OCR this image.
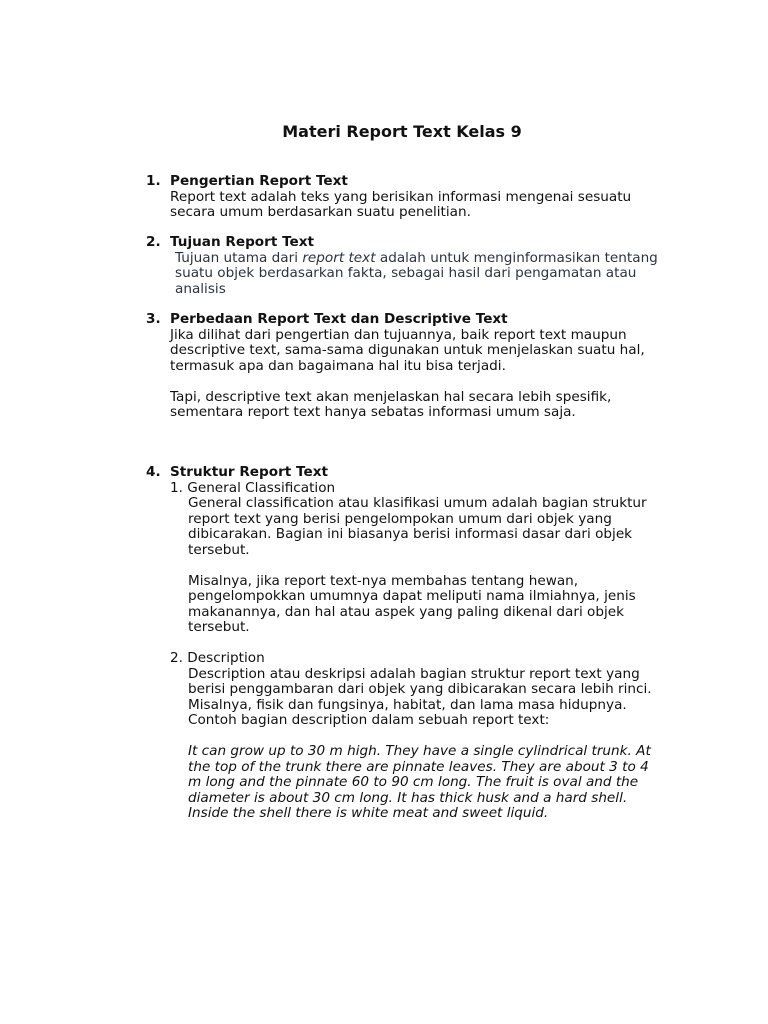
Materi Report Text Kelas 9
1. Pengertian Report Text
Report text adalah teks yang berisikan informasi mengenai sesuatu secara umum berdasarkan suatu penelitian.
2. Tujuan Report Text
Tujuan utama dari report text adalah untuk menginformasikan tentang suatu objek berdasarkan fakta, sebagai hasil dari pengamatan atau analisis
3. Perbedaan Report Text dan Descriptive Text
Jika dilihat dari pengertian dan tujuannya, baik report text maupun descriptive text, sama-sama digunakan untuk menjelaskan suatu hal, termasuk apa dan bagaimana hal itu bisa terjadi.
Tapi, descriptive text akan menjelaskan hal secara lebih spesifik, sementara report text hanya sebatas informasi umum saja.
4. Struktur Report Text
1. General Classification
General classification atau klasifikasi umum adalah bagian struktur report text yang berisi pengelompokan umum dari objek yang dibicarakan. Bagian ini biasanya berisi informasi dasar dari objek tersebut.
Misalnya, jika report text-nya membahas tentang hewan, pengelompokkan umumnya dapat meliputi nama ilmiahnya, jenis makanannya, dan hal atau aspek yang paling dikenal dari objek tersebut.
2. Description
Description atau deskripsi adalah bagian struktur report text yang berisi penggambaran dari objek yang dibicarakan secara lebih rinci. Misalnya, fisik dan fungsinya, habitat, dan lama masa hidupnya. Contoh bagian description dalam sebuah report text:
It can grow up to 30 m high. They have a single cylindrical trunk. At the top of the trunk there are pinnate leaves. They are about 3 to 4 m long and the pinnate 60 to 90 cm long. The fruit is oval and the diameter is about 30 cm long. It has thick husk and a hard shell. Inside the shell there is white meat and sweet liquid.
